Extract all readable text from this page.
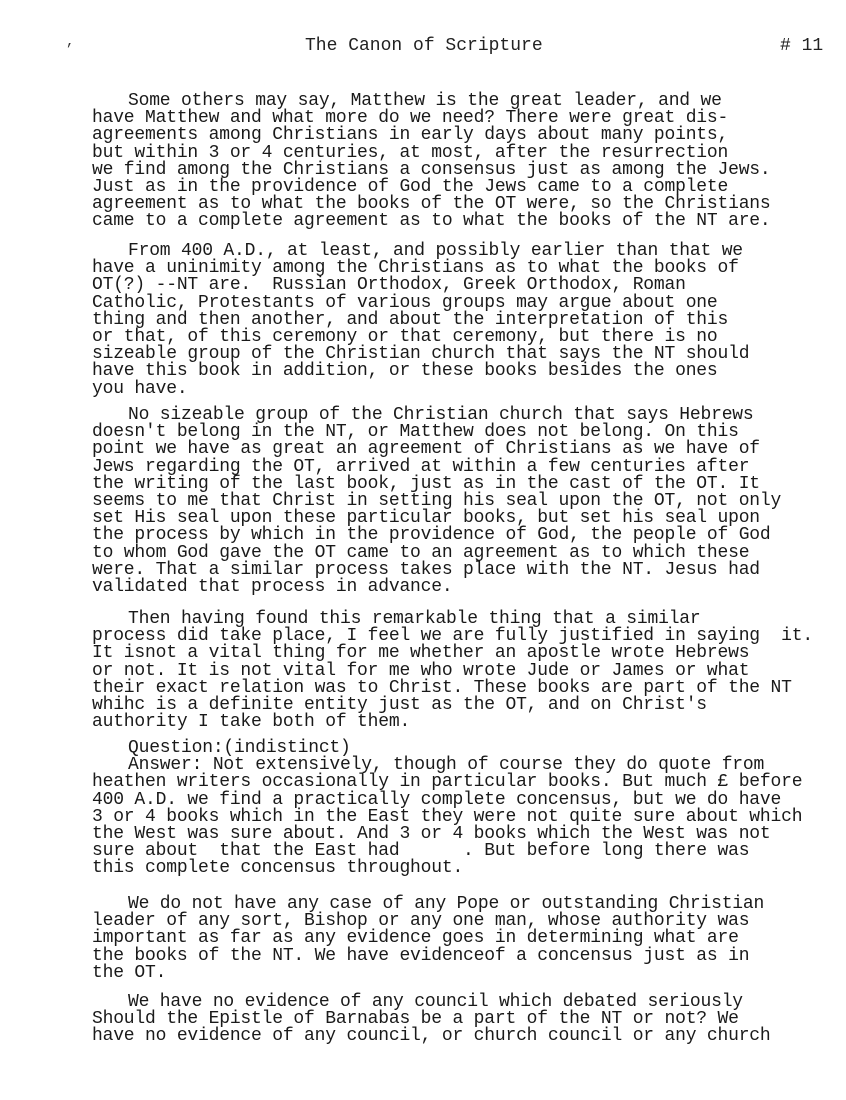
,	The Canon of Scripture	# 11
Some others may say, Matthew is the great leader, and we
have Matthew and what more do we need? There were great dis-
agreements among Christians in early days about many points,
but within 3 or 4 centuries, at most, after the resurrection
we find among the Christians a consensus just as among the Jews.
Just as in the providence of God the Jews came to a complete
agreement as to what the books of the OT were, so the Christians
came to a complete agreement as to what the books of the NT are.
From 400 A.D., at least, and possibly earlier than that we
have a uninimity among the Christians as to what the books of
OT(?) --NT are.  Russian Orthodox, Greek Orthodox, Roman
Catholic, Protestants of various groups may argue about one
thing and then another, and about the interpretation of this
or that, of this ceremony or that ceremony, but there is no
sizeable group of the Christian church that says the NT should
have this book in addition, or these books besides the ones
you have.
No sizeable group of the Christian church that says Hebrews
doesn't belong in the NT, or Matthew does not belong. On this
point we have as great an agreement of Christians as we have of
Jews regarding the OT, arrived at within a few centuries after
the writing of the last book, just as in the cast of the OT. It
seems to me that Christ in setting his seal upon the OT, not only
set His seal upon these particular books, but set his seal upon
the process by which in the providence of God, the people of God
to whom God gave the OT came to an agreement as to which these
were. That a similar process takes place with the NT. Jesus had
validated that process in advance.
Then having found this remarkable thing that a similar
process did take place, I feel we are fully justified in saying  it.
It isnot a vital thing for me whether an apostle wrote Hebrews
or not. It is not vital for me who wrote Jude or James or what
their exact relation was to Christ. These books are part of the NT
whihc is a definite entity just as the OT, and on Christ's
authority I take both of them.
Question:(indistinct)
Answer: Not extensively, though of course they do quote from
heathen writers occasionally in particular books. But much £ before
400 A.D. we find a practically complete concensus, but we do have
3 or 4 books which in the East they were not quite sure about which
the West was sure about. And 3 or 4 books which the West was not
sure about  that the East had      . But before long there was
this complete concensus throughout.
We do not have any case of any Pope or outstanding Christian
leader of any sort, Bishop or any one man, whose authority was
important as far as any evidence goes in determining what are
the books of the NT. We have evidenceof a concensus just as in
the OT.
We have no evidence of any council which debated seriously
Should the Epistle of Barnabas be a part of the NT or not? We
have no evidence of any council, or church council or any church
